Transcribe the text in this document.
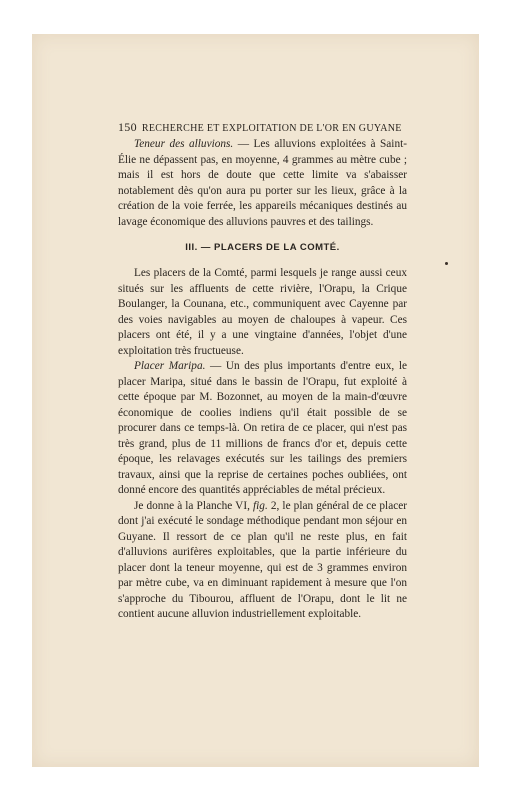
150 RECHERCHE ET EXPLOITATION DE L'OR EN GUYANE

Teneur des alluvions. — Les alluvions exploitées à Saint-Élie ne dépassent pas, en moyenne, 4 grammes au mètre cube ; mais il est hors de doute que cette limite va s'abaisser notablement dès qu'on aura pu porter sur les lieux, grâce à la création de la voie ferrée, les appareils mécaniques destinés au lavage économique des alluvions pauvres et des tailings.

III. — PLACERS DE LA COMTÉ.

Les placers de la Comté, parmi lesquels je range aussi ceux situés sur les affluents de cette rivière, l'Orapu, la Crique Boulanger, la Counana, etc., communiquent avec Cayenne par des voies navigables au moyen de chaloupes à vapeur. Ces placers ont été, il y a une vingtaine d'années, l'objet d'une exploitation très fructueuse.

Placer Maripa. — Un des plus importants d'entre eux, le placer Maripa, situé dans le bassin de l'Orapu, fut exploité à cette époque par M. Bozonnet, au moyen de la main-d'œuvre économique de coolies indiens qu'il était possible de se procurer dans ce temps-là. On retira de ce placer, qui n'est pas très grand, plus de 11 millions de francs d'or et, depuis cette époque, les relavages exécutés sur les tailings des premiers travaux, ainsi que la reprise de certaines poches oubliées, ont donné encore des quantités appréciables de métal précieux.

Je donne à la Planche VI, fig. 2, le plan général de ce placer dont j'ai exécuté le sondage méthodique pendant mon séjour en Guyane. Il ressort de ce plan qu'il ne reste plus, en fait d'alluvions aurifères exploitables, que la partie inférieure du placer dont la teneur moyenne, qui est de 3 grammes environ par mètre cube, va en diminuant rapidement à mesure que l'on s'approche du Tibourou, affluent de l'Orapu, dont le lit ne contient aucune alluvion industriellement exploitable.
